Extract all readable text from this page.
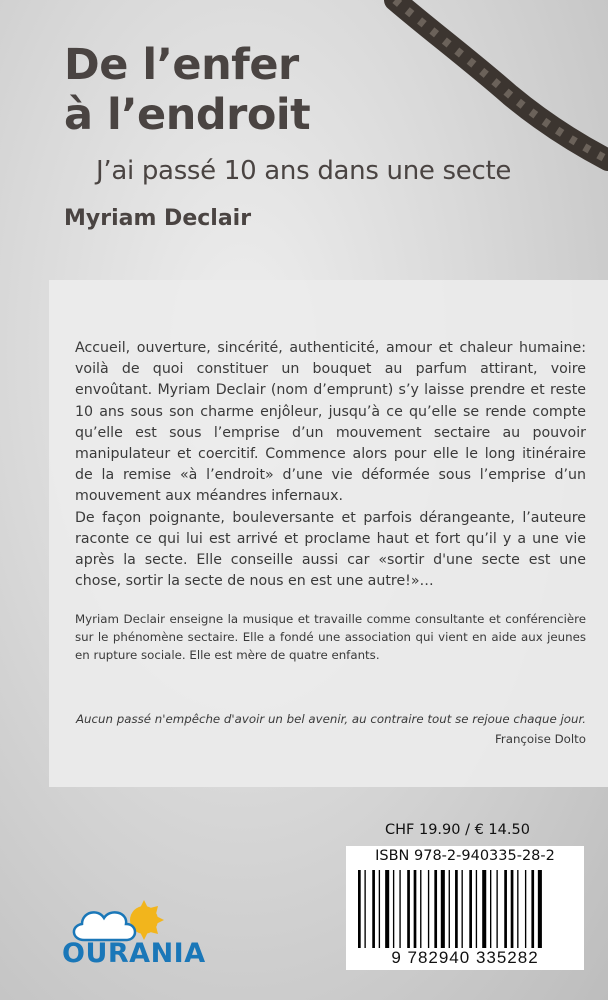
De l’enfer
à l’endroit

J’ai passé 10 ans dans une secte

Myriam Declair

Accueil, ouverture, sincérité, authenticité, amour et chaleur humaine: voilà de quoi constituer un bouquet au parfum attirant, voire envoûtant. Myriam Declair (nom d’emprunt) s’y laisse prendre et reste 10 ans sous son charme enjôleur, jusqu’à ce qu’elle se rende compte qu’elle est sous l’emprise d’un mouvement sectaire au pouvoir manipulateur et coercitif. Commence alors pour elle le long itinéraire de la remise «à l’endroit» d’une vie déformée sous l’emprise d’un mouvement aux méandres infernaux.

De façon poignante, bouleversante et parfois dérangeante, l’auteure raconte ce qui lui est arrivé et proclame haut et fort qu’il y a une vie après la secte. Elle conseille aussi car «sortir d'une secte est une chose, sortir la secte de nous en est une autre!»…

Myriam Declair enseigne la musique et travaille comme consultante et conférencière sur le phénomène sectaire. Elle a fondé une association qui vient en aide aux jeunes en rupture sociale. Elle est mère de quatre enfants.

Aucun passé n'empêche d'avoir un bel avenir, au contraire tout se rejoue chaque jour.

Françoise Dolto

CHF 19.90 / € 14.50

ISBN 978-2-940335-28-2

9 782940 335282

OURANIA
